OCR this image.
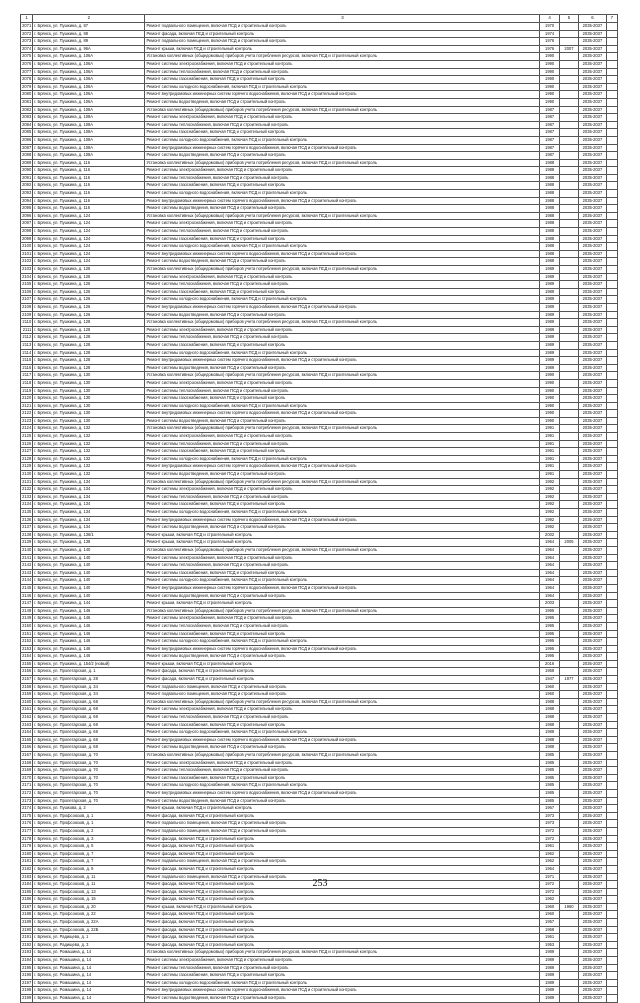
1	2	3	4	5	6	7
2071	г. Брянск, ул. Пушкина, д. 87	Ремонт подвального помещения, включая ПСД и строительный контроль	1970		2035-2037	
2072	г. Брянск, ул. Пушкина, д. 88	Ремонт фасада, включая ПСД и строительный контроль	1974		2035-2037	
2073	г. Брянск, ул. Пушкина, д. 89	Ремонт подвального помещения, включая ПСД и строительный контроль	1976		2035-2037	
2074	г. Брянск, ул. Пушкина, д. 96А	Ремонт крыши, включая ПСД и строительный контроль	1976	2007	2035-2037	
2075	г. Брянск, ул. Пушкина, д. 106А	Установка коллективных (общедомовых) приборов учета потребления ресурсов, включая ПСД и строительный контроль	1990		2035-2037	
2076	г. Брянск, ул. Пушкина, д. 106А	Ремонт системы электроснабжения, включая ПСД и строительный контроль	1990		2035-2037	
2077	г. Брянск, ул. Пушкина, д. 106А	Ремонт системы теплоснабжения, включая ПСД и строительный контроль	1990		2035-2037	
2078	г. Брянск, ул. Пушкина, д. 106А	Ремонт системы газоснабжения, включая ПСД и строительный контроль	1990		2035-2037	
2079	г. Брянск, ул. Пушкина, д. 106А	Ремонт системы холодного водоснабжения, включая ПСД и строительный контроль	1990		2035-2037	
2080	г. Брянск, ул. Пушкина, д. 106А	Ремонт внутридомовых инженерных систем горячего водоснабжения, включая ПСД и строительный контроль	1990		2035-2037	
2081	г. Брянск, ул. Пушкина, д. 106А	Ремонт системы водоотведения, включая ПСД и строительный контроль	1990		2035-2037	
2082	г. Брянск, ул. Пушкина, д. 108А	Установка коллективных (общедомовых) приборов учета потребления ресурсов, включая ПСД и строительный контроль	1987		2035-2037	
2083	г. Брянск, ул. Пушкина, д. 108А	Ремонт системы электроснабжения, включая ПСД и строительный контроль	1987		2035-2037	
2084	г. Брянск, ул. Пушкина, д. 108А	Ремонт системы теплоснабжения, включая ПСД и строительный контроль	1987		2035-2037	
2085	г. Брянск, ул. Пушкина, д. 108А	Ремонт системы газоснабжения, включая ПСД и строительный контроль	1987		2035-2037	
2086	г. Брянск, ул. Пушкина, д. 108А	Ремонт системы холодного водоснабжения, включая ПСД и строительный контроль	1987		2035-2037	
2087	г. Брянск, ул. Пушкина, д. 108А	Ремонт внутридомовых инженерных систем горячего водоснабжения, включая ПСД и строительный контроль	1987		2035-2037	
2088	г. Брянск, ул. Пушкина, д. 108А	Ремонт системы водоотведения, включая ПСД и строительный контроль	1987		2035-2037	
2089	г. Брянск, ул. Пушкина, д. 116	Установка коллективных (общедомовых) приборов учета потребления ресурсов, включая ПСД и строительный контроль	1988		2035-2037	
2090	г. Брянск, ул. Пушкина, д. 116	Ремонт системы электроснабжения, включая ПСД и строительный контроль	1988		2035-2037	
2091	г. Брянск, ул. Пушкина, д. 116	Ремонт системы теплоснабжения, включая ПСД и строительный контроль	1988		2035-2037	
2092	г. Брянск, ул. Пушкина, д. 116	Ремонт системы газоснабжения, включая ПСД и строительный контроль	1988		2035-2037	
2093	г. Брянск, ул. Пушкина, д. 116	Ремонт системы холодного водоснабжения, включая ПСД и строительный контроль	1988		2035-2037	
2094	г. Брянск, ул. Пушкина, д. 116	Ремонт внутридомовых инженерных систем горячего водоснабжения, включая ПСД и строительный контроль	1988		2035-2037	
2095	г. Брянск, ул. Пушкина, д. 116	Ремонт системы водоотведения, включая ПСД и строительный контроль	1988		2035-2037	
2096	г. Брянск, ул. Пушкина, д. 124	Установка коллективных (общедомовых) приборов учета потребления ресурсов, включая ПСД и строительный контроль	1988		2035-2037	
2097	г. Брянск, ул. Пушкина, д. 124	Ремонт системы электроснабжения, включая ПСД и строительный контроль	1988		2035-2037	
2098	г. Брянск, ул. Пушкина, д. 124	Ремонт системы теплоснабжения, включая ПСД и строительный контроль	1988		2035-2037	
2099	г. Брянск, ул. Пушкина, д. 124	Ремонт системы газоснабжения, включая ПСД и строительный контроль	1988		2035-2037	
2100	г. Брянск, ул. Пушкина, д. 124	Ремонт системы холодного водоснабжения, включая ПСД и строительный контроль	1988		2035-2037	
2101	г. Брянск, ул. Пушкина, д. 124	Ремонт внутридомовых инженерных систем горячего водоснабжения, включая ПСД и строительный контроль	1988		2035-2037	
2102	г. Брянск, ул. Пушкина, д. 124	Ремонт системы водоотведения, включая ПСД и строительный контроль	1988		2035-2037	
2103	г. Брянск, ул. Пушкина, д. 126	Установка коллективных (общедомовых) приборов учета потребления ресурсов, включая ПСД и строительный контроль	1989		2035-2037	
2104	г. Брянск, ул. Пушкина, д. 126	Ремонт системы электроснабжения, включая ПСД и строительный контроль	1989		2035-2037	
2105	г. Брянск, ул. Пушкина, д. 126	Ремонт системы теплоснабжения, включая ПСД и строительный контроль	1989		2035-2037	
2106	г. Брянск, ул. Пушкина, д. 126	Ремонт системы газоснабжения, включая ПСД и строительный контроль	1989		2035-2037	
2107	г. Брянск, ул. Пушкина, д. 126	Ремонт системы холодного водоснабжения, включая ПСД и строительный контроль	1989		2035-2037	
2108	г. Брянск, ул. Пушкина, д. 126	Ремонт внутридомовых инженерных систем горячего водоснабжения, включая ПСД и строительный контроль	1989		2035-2037	
2109	г. Брянск, ул. Пушкина, д. 126	Ремонт системы водоотведения, включая ПСД и строительный контроль	1989		2035-2037	
2110	г. Брянск, ул. Пушкина, д. 128	Установка коллективных (общедомовых) приборов учета потребления ресурсов, включая ПСД и строительный контроль	1989		2035-2037	
2111	г. Брянск, ул. Пушкина, д. 128	Ремонт системы электроснабжения, включая ПСД и строительный контроль	1989		2035-2037	
2112	г. Брянск, ул. Пушкина, д. 128	Ремонт системы теплоснабжения, включая ПСД и строительный контроль	1989		2035-2037	
2113	г. Брянск, ул. Пушкина, д. 128	Ремонт системы газоснабжения, включая ПСД и строительный контроль	1989		2035-2037	
2114	г. Брянск, ул. Пушкина, д. 128	Ремонт системы холодного водоснабжения, включая ПСД и строительный контроль	1989		2035-2037	
2115	г. Брянск, ул. Пушкина, д. 128	Ремонт внутридомовых инженерных систем горячего водоснабжения, включая ПСД и строительный контроль	1989		2035-2037	
2116	г. Брянск, ул. Пушкина, д. 128	Ремонт системы водоотведения, включая ПСД и строительный контроль	1989		2035-2037	
2117	г. Брянск, ул. Пушкина, д. 130	Установка коллективных (общедомовых) приборов учета потребления ресурсов, включая ПСД и строительный контроль	1990		2035-2037	
2118	г. Брянск, ул. Пушкина, д. 130	Ремонт системы электроснабжения, включая ПСД и строительный контроль	1990		2035-2037	
2119	г. Брянск, ул. Пушкина, д. 130	Ремонт системы теплоснабжения, включая ПСД и строительный контроль	1990		2035-2037	
2120	г. Брянск, ул. Пушкина, д. 130	Ремонт системы газоснабжения, включая ПСД и строительный контроль	1990		2035-2037	
2121	г. Брянск, ул. Пушкина, д. 130	Ремонт системы холодного водоснабжения, включая ПСД и строительный контроль	1990		2035-2037	
2122	г. Брянск, ул. Пушкина, д. 130	Ремонт внутридомовых инженерных систем горячего водоснабжения, включая ПСД и строительный контроль	1990		2035-2037	
2123	г. Брянск, ул. Пушкина, д. 130	Ремонт системы водоотведения, включая ПСД и строительный контроль	1990		2035-2037	
2124	г. Брянск, ул. Пушкина, д. 132	Установка коллективных (общедомовых) приборов учета потребления ресурсов, включая ПСД и строительный контроль	1991		2035-2037	
2125	г. Брянск, ул. Пушкина, д. 132	Ремонт системы электроснабжения, включая ПСД и строительный контроль	1991		2035-2037	
2126	г. Брянск, ул. Пушкина, д. 132	Ремонт системы теплоснабжения, включая ПСД и строительный контроль	1991		2035-2037	
2127	г. Брянск, ул. Пушкина, д. 132	Ремонт системы газоснабжения, включая ПСД и строительный контроль	1991		2035-2037	
2128	г. Брянск, ул. Пушкина, д. 132	Ремонт системы холодного водоснабжения, включая ПСД и строительный контроль	1991		2035-2037	
2129	г. Брянск, ул. Пушкина, д. 132	Ремонт внутридомовых инженерных систем горячего водоснабжения, включая ПСД и строительный контроль	1991		2035-2037	
2130	г. Брянск, ул. Пушкина, д. 132	Ремонт системы водоотведения, включая ПСД и строительный контроль	1991		2035-2037	
2131	г. Брянск, ул. Пушкина, д. 134	Установка коллективных (общедомовых) приборов учета потребления ресурсов, включая ПСД и строительный контроль	1992		2035-2037	
2132	г. Брянск, ул. Пушкина, д. 134	Ремонт системы электроснабжения, включая ПСД и строительный контроль	1992		2035-2037	
2133	г. Брянск, ул. Пушкина, д. 134	Ремонт системы теплоснабжения, включая ПСД и строительный контроль	1992		2035-2037	
2134	г. Брянск, ул. Пушкина, д. 134	Ремонт системы газоснабжения, включая ПСД и строительный контроль	1992		2035-2037	
2135	г. Брянск, ул. Пушкина, д. 134	Ремонт системы холодного водоснабжения, включая ПСД и строительный контроль	1992		2035-2037	
2136	г. Брянск, ул. Пушкина, д. 134	Ремонт внутридомовых инженерных систем горячего водоснабжения, включая ПСД и строительный контроль	1992		2035-2037	
2137	г. Брянск, ул. Пушкина, д. 134	Ремонт системы водоотведения, включая ПСД и строительный контроль	1992		2035-2037	
2138	г. Брянск, ул. Пушкина, д. 136/1	Ремонт крыши, включая ПСД и строительный контроль	2002		2035-2037	
2139	г. Брянск, ул. Пушкина, д. 138	Ремонт крыши, включая ПСД и строительный контроль	1964	2005	2035-2037	
2140	г. Брянск, ул. Пушкина, д. 140	Установка коллективных (общедомовых) приборов учета потребления ресурсов, включая ПСД и строительный контроль	1964		2035-2037	
2141	г. Брянск, ул. Пушкина, д. 140	Ремонт системы электроснабжения, включая ПСД и строительный контроль	1964		2035-2037	
2142	г. Брянск, ул. Пушкина, д. 140	Ремонт системы теплоснабжения, включая ПСД и строительный контроль	1964		2035-2037	
2143	г. Брянск, ул. Пушкина, д. 140	Ремонт системы газоснабжения, включая ПСД и строительный контроль	1964		2035-2037	
2144	г. Брянск, ул. Пушкина, д. 140	Ремонт системы холодного водоснабжения, включая ПСД и строительный контроль	1964		2035-2037	
2145	г. Брянск, ул. Пушкина, д. 140	Ремонт внутридомовых инженерных систем горячего водоснабжения, включая ПСД и строительный контроль	1964		2035-2037	
2146	г. Брянск, ул. Пушкина, д. 140	Ремонт системы водоотведения, включая ПСД и строительный контроль	1964		2035-2037	
2147	г. Брянск, ул. Пушкина, д. 144	Ремонт крыши, включая ПСД и строительный контроль	2003		2035-2037	
2148	г. Брянск, ул. Пушкина, д. 146	Установка коллективных (общедомовых) приборов учета потребления ресурсов, включая ПСД и строительный контроль	1995		2035-2037	
2149	г. Брянск, ул. Пушкина, д. 146	Ремонт системы электроснабжения, включая ПСД и строительный контроль	1995		2035-2037	
2150	г. Брянск, ул. Пушкина, д. 146	Ремонт системы теплоснабжения, включая ПСД и строительный контроль	1995		2035-2037	
2151	г. Брянск, ул. Пушкина, д. 146	Ремонт системы газоснабжения, включая ПСД и строительный контроль	1995		2035-2037	
2152	г. Брянск, ул. Пушкина, д. 146	Ремонт системы холодного водоснабжения, включая ПСД и строительный контроль	1995		2035-2037	
2153	г. Брянск, ул. Пушкина, д. 146	Ремонт внутридомовых инженерных систем горячего водоснабжения, включая ПСД и строительный контроль	1995		2035-2037	
2154	г. Брянск, ул. Пушкина, д. 146	Ремонт системы водоотведения, включая ПСД и строительный контроль	1995		2035-2037	
2155	г. Брянск, ул. Пушкина, д. 154/2 (новый)	Ремонт крыши, включая ПСД и строительный контроль	2016		2035-2037	
2156	г. Брянск, ул. Пролетарская, д. 1	Ремонт фасада, включая ПСД и строительный контроль	1958		2035-2037	
2157	г. Брянск, ул. Пролетарская, д. 28	Ремонт фасада, включая ПСД и строительный контроль	1947	1977	2035-2037	
2158	г. Брянск, ул. Пролетарская, д. 34	Ремонт подвального помещения, включая ПСД и строительный контроль	1960		2035-2037	
2159	г. Брянск, ул. Пролетарская, д. 34	Ремонт подвального помещения, включая ПСД и строительный контроль	1960		2035-2037	
2160	г. Брянск, ул. Пролетарская, д. 68	Установка коллективных (общедомовых) приборов учета потребления ресурсов, включая ПСД и строительный контроль	1988		2035-2037	
2161	г. Брянск, ул. Пролетарская, д. 68	Ремонт системы электроснабжения, включая ПСД и строительный контроль	1988		2035-2037	
2162	г. Брянск, ул. Пролетарская, д. 68	Ремонт системы теплоснабжения, включая ПСД и строительный контроль	1988		2035-2037	
2163	г. Брянск, ул. Пролетарская, д. 68	Ремонт системы газоснабжения, включая ПСД и строительный контроль	1988		2035-2037	
2164	г. Брянск, ул. Пролетарская, д. 68	Ремонт системы холодного водоснабжения, включая ПСД и строительный контроль	1988		2035-2037	
2165	г. Брянск, ул. Пролетарская, д. 68	Ремонт внутридомовых инженерных систем горячего водоснабжения, включая ПСД и строительный контроль	1988		2035-2037	
2166	г. Брянск, ул. Пролетарская, д. 68	Ремонт системы водоотведения, включая ПСД и строительный контроль	1988		2035-2037	
2167	г. Брянск, ул. Пролетарская, д. 70	Установка коллективных (общедомовых) приборов учета потребления ресурсов, включая ПСД и строительный контроль	1985		2035-2037	
2168	г. Брянск, ул. Пролетарская, д. 70	Ремонт системы электроснабжения, включая ПСД и строительный контроль	1985		2035-2037	
2169	г. Брянск, ул. Пролетарская, д. 70	Ремонт системы теплоснабжения, включая ПСД и строительный контроль	1985		2035-2037	
2170	г. Брянск, ул. Пролетарская, д. 70	Ремонт системы газоснабжения, включая ПСД и строительный контроль	1985		2035-2037	
2171	г. Брянск, ул. Пролетарская, д. 70	Ремонт системы холодного водоснабжения, включая ПСД и строительный контроль	1985		2035-2037	
2172	г. Брянск, ул. Пролетарская, д. 70	Ремонт внутридомовых инженерных систем горячего водоснабжения, включая ПСД и строительный контроль	1985		2035-2037	
2173	г. Брянск, ул. Пролетарская, д. 70	Ремонт системы водоотведения, включая ПСД и строительный контроль	1985		2035-2037	
2174	г. Брянск, ул. Пушкова, д. 2	Ремонт крыши, включая ПСД и строительный контроль	1967		2035-2037	
2175	г. Брянск, ул. Профсоюзов, д. 1	Ремонт фасада, включая ПСД и строительный контроль	1973		2035-2037	
2176	г. Брянск, ул. Профсоюзов, д. 1	Ремонт подвального помещения, включая ПСД и строительный контроль	1973		2035-2037	
2177	г. Брянск, ул. Профсоюзов, д. 2	Ремонт подвального помещения, включая ПСД и строительный контроль	1972		2035-2037	
2178	г. Брянск, ул. Профсоюзов, д. 3	Ремонт фасада, включая ПСД и строительный контроль	1972		2035-2037	
2179	г. Брянск, ул. Профсоюзов, д. 5	Ремонт фасада, включая ПСД и строительный контроль	1961		2035-2037	
2180	г. Брянск, ул. Профсоюзов, д. 7	Ремонт фасада, включая ПСД и строительный контроль	1962		2035-2037	
2181	г. Брянск, ул. Профсоюзов, д. 7	Ремонт подвального помещения, включая ПСД и строительный контроль	1962		2035-2037	
2182	г. Брянск, ул. Профсоюзов, д. 9	Ремонт фасада, включая ПСД и строительный контроль	1964		2035-2037	
2183	г. Брянск, ул. Профсоюзов, д. 11	Ремонт подвального помещения, включая ПСД и строительный контроль	1971		2035-2037	
2184	г. Брянск, ул. Профсоюзов, д. 11	Ремонт фасада, включая ПСД и строительный контроль	1972		2035-2037	
2185	г. Брянск, ул. Профсоюзов, д. 13	Ремонт фасада, включая ПСД и строительный контроль	1972		2035-2037	
2186	г. Брянск, ул. Профсоюзов, д. 15	Ремонт фасада, включая ПСД и строительный контроль	1962		2035-2037	
2187	г. Брянск, ул. Профсоюзов, д. 20	Ремонт крыши, включая ПСД и строительный контроль	1960	1960	2035-2037	
2188	г. Брянск, ул. Профсоюзов, д. 22	Ремонт фасада, включая ПСД и строительный контроль	1960		2035-2037	
2189	г. Брянск, ул. Профсоюзов, д. 22А	Ремонт фасада, включая ПСД и строительный контроль	1957		2035-2037	
2190	г. Брянск, ул. Профсоюзов, д. 22Б	Ремонт фасада, включая ПСД и строительный контроль	1958		2035-2037	
2191	г. Брянск, ул. Радищева, д. 1	Ремонт фасада, включая ПСД и строительный контроль	1961		2035-2037	
2192	г. Брянск, ул. Радищева, д. 3	Ремонт фасада, включая ПСД и строительный контроль	1953		2035-2037	
2193	г. Брянск, ул. Ромашина, д. 14	Установка коллективных (общедомовых) приборов учета потребления ресурсов, включая ПСД и строительный контроль	1989		2035-2037	
2194	г. Брянск, ул. Ромашина, д. 14	Ремонт системы электроснабжения, включая ПСД и строительный контроль	1989		2035-2037	
2195	г. Брянск, ул. Ромашина, д. 14	Ремонт системы теплоснабжения, включая ПСД и строительный контроль	1989		2035-2037	
2196	г. Брянск, ул. Ромашина, д. 14	Ремонт системы газоснабжения, включая ПСД и строительный контроль	1989		2035-2037	
2197	г. Брянск, ул. Ромашина, д. 14	Ремонт системы холодного водоснабжения, включая ПСД и строительный контроль	1989		2035-2037	
2198	г. Брянск, ул. Ромашина, д. 14	Ремонт внутридомовых инженерных систем горячего водоснабжения, включая ПСД и строительный контроль	1989		2035-2037	
2199	г. Брянск, ул. Ромашина, д. 14	Ремонт системы водоотведения, включая ПСД и строительный контроль	1989		2035-2037	
253
